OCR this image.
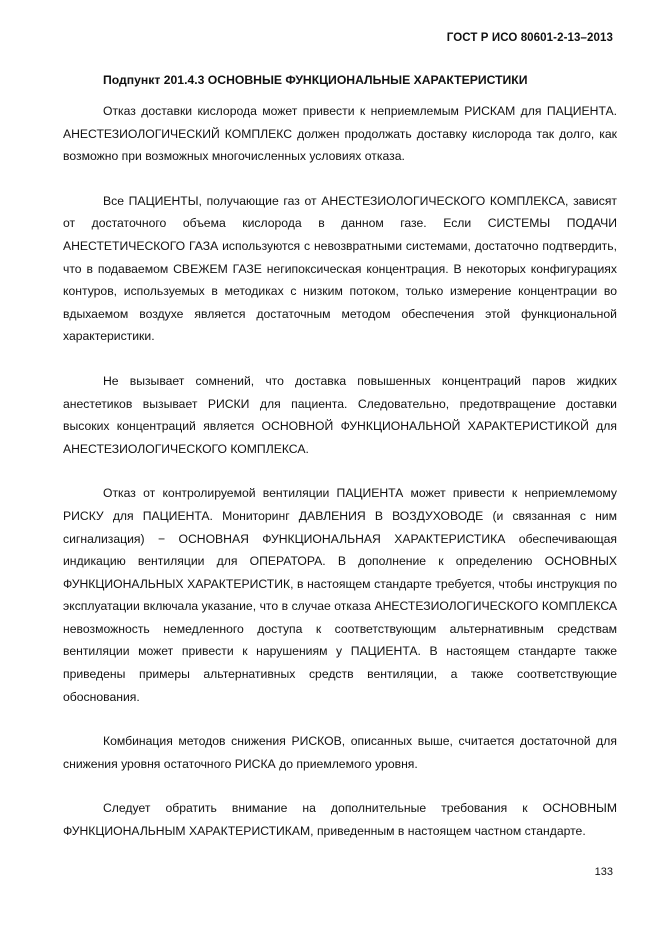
ГОСТ Р ИСО 80601-2-13–2013
Подпункт 201.4.3 ОСНОВНЫЕ ФУНКЦИОНАЛЬНЫЕ ХАРАКТЕРИСТИКИ

Отказ доставки кислорода может привести к неприемлемым РИСКАМ для ПАЦИЕНТА. АНЕСТЕЗИОЛОГИЧЕСКИЙ КОМПЛЕКС должен продолжать доставку кислорода так долго, как возможно при возможных многочисленных условиях отказа.

Все ПАЦИЕНТЫ, получающие газ от АНЕСТЕЗИОЛОГИЧЕСКОГО КОМПЛЕКСА, зависят от достаточного объема кислорода в данном газе. Если СИСТЕМЫ ПОДАЧИ АНЕСТЕТИЧЕСКОГО ГАЗА используются с невозвратными системами, достаточно подтвердить, что в подаваемом СВЕЖЕМ ГАЗЕ негипоксическая концентрация. В некоторых конфигурациях контуров, используемых в методиках с низким потоком, только измерение концентрации во вдыхаемом воздухе является достаточным методом обеспечения этой функциональной характеристики.

Не вызывает сомнений, что доставка повышенных концентраций паров жидких анестетиков вызывает РИСКИ для пациента. Следовательно, предотвращение доставки высоких концентраций является ОСНОВНОЙ ФУНКЦИОНАЛЬНОЙ ХАРАКТЕРИСТИКОЙ для АНЕСТЕЗИОЛОГИЧЕСКОГО КОМПЛЕКСА.

Отказ от контролируемой вентиляции ПАЦИЕНТА может привести к неприемлемому РИСКУ для ПАЦИЕНТА. Мониторинг ДАВЛЕНИЯ В ВОЗДУХОВОДЕ (и связанная с ним сигнализация) − ОСНОВНАЯ ФУНКЦИОНАЛЬНАЯ ХАРАКТЕРИСТИКА обеспечивающая индикацию вентиляции для ОПЕРАТОРА. В дополнение к определению ОСНОВНЫХ ФУНКЦИОНАЛЬНЫХ ХАРАКТЕРИСТИК, в настоящем стандарте требуется, чтобы инструкция по эксплуатации включала указание, что в случае отказа АНЕСТЕЗИОЛОГИЧЕСКОГО КОМПЛЕКСА невозможность немедленного доступа к соответствующим альтернативным средствам вентиляции может привести к нарушениям у ПАЦИЕНТА. В настоящем стандарте также приведены примеры альтернативных средств вентиляции, а также соответствующие обоснования.

Комбинация методов снижения РИСКОВ, описанных выше, считается достаточной для снижения уровня остаточного РИСКА до приемлемого уровня.

Следует обратить внимание на дополнительные требования к ОСНОВНЫМ ФУНКЦИОНАЛЬНЫМ ХАРАКТЕРИСТИКАМ, приведенным в настоящем частном стандарте.

133
